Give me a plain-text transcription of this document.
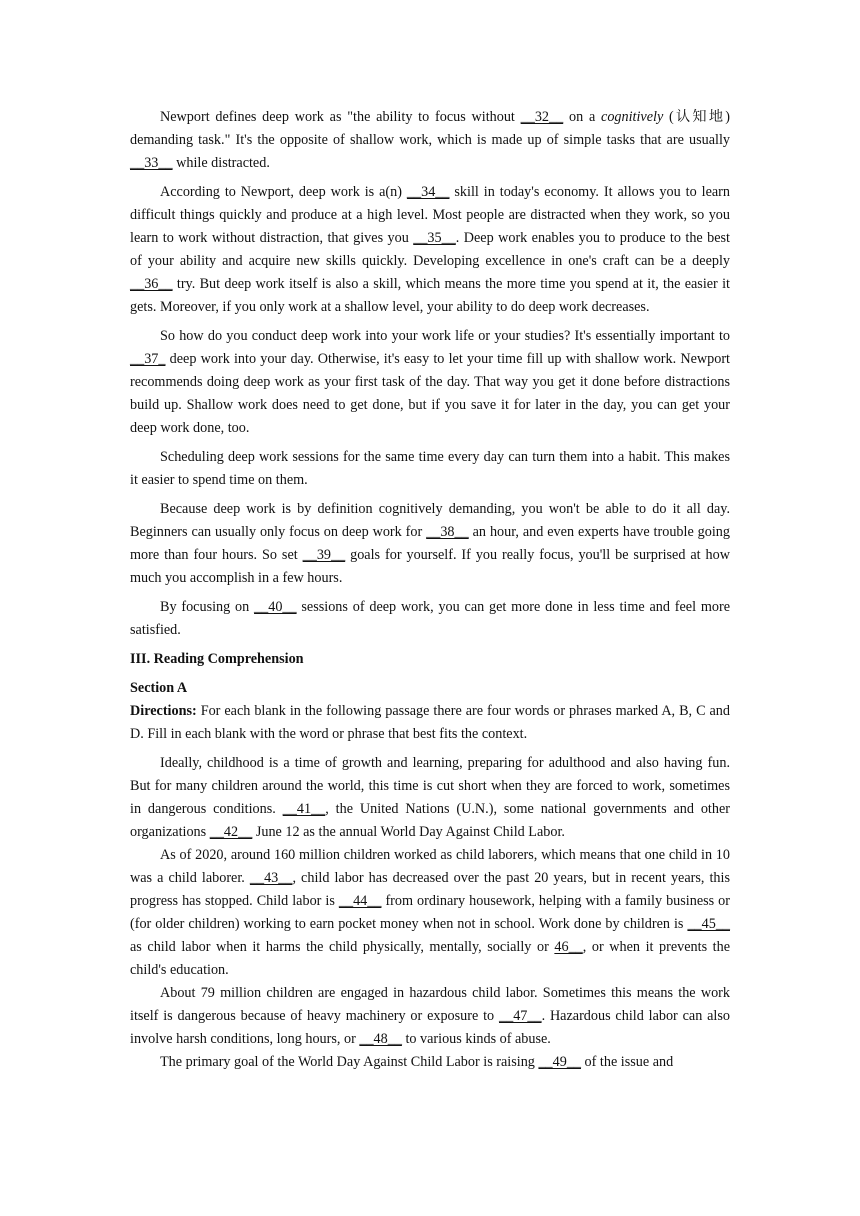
Newport defines deep work as "the ability to focus without __32__ on a cognitively (认知地) demanding task." It's the opposite of shallow work, which is made up of simple tasks that are usually __33__ while distracted.

According to Newport, deep work is a(n) __34__ skill in today's economy. It allows you to learn difficult things quickly and produce at a high level. Most people are distracted when they work, so you learn to work without distraction, that gives you __35__. Deep work enables you to produce to the best of your ability and acquire new skills quickly. Developing excellence in one's craft can be a deeply __36__ try. But deep work itself is also a skill, which means the more time you spend at it, the easier it gets. Moreover, if you only work at a shallow level, your ability to do deep work decreases.

So how do you conduct deep work into your work life or your studies? It's essentially important to __37_ deep work into your day. Otherwise, it's easy to let your time fill up with shallow work. Newport recommends doing deep work as your first task of the day. That way you get it done before distractions build up. Shallow work does need to get done, but if you save it for later in the day, you can get your deep work done, too.

Scheduling deep work sessions for the same time every day can turn them into a habit. This makes it easier to spend time on them.

Because deep work is by definition cognitively demanding, you won't be able to do it all day. Beginners can usually only focus on deep work for __38__ an hour, and even experts have trouble going more than four hours. So set __39__ goals for yourself. If you really focus, you'll be surprised at how much you accomplish in a few hours.

By focusing on __40__ sessions of deep work, you can get more done in less time and feel more satisfied.

III. Reading Comprehension

Section A

Directions: For each blank in the following passage there are four words or phrases marked A, B, C and D. Fill in each blank with the word or phrase that best fits the context.

Ideally, childhood is a time of growth and learning, preparing for adulthood and also having fun. But for many children around the world, this time is cut short when they are forced to work, sometimes in dangerous conditions. __41__, the United Nations (U.N.), some national governments and other organizations __42__ June 12 as the annual World Day Against Child Labor.

As of 2020, around 160 million children worked as child laborers, which means that one child in 10 was a child laborer. __43__, child labor has decreased over the past 20 years, but in recent years, this progress has stopped. Child labor is __44__ from ordinary housework, helping with a family business or (for older children) working to earn pocket money when not in school. Work done by children is __45__ as child labor when it harms the child physically, mentally, socially or 46__, or when it prevents the child's education.

About 79 million children are engaged in hazardous child labor. Sometimes this means the work itself is dangerous because of heavy machinery or exposure to __47__. Hazardous child labor can also involve harsh conditions, long hours, or __48__ to various kinds of abuse.

The primary goal of the World Day Against Child Labor is raising __49__ of the issue and
